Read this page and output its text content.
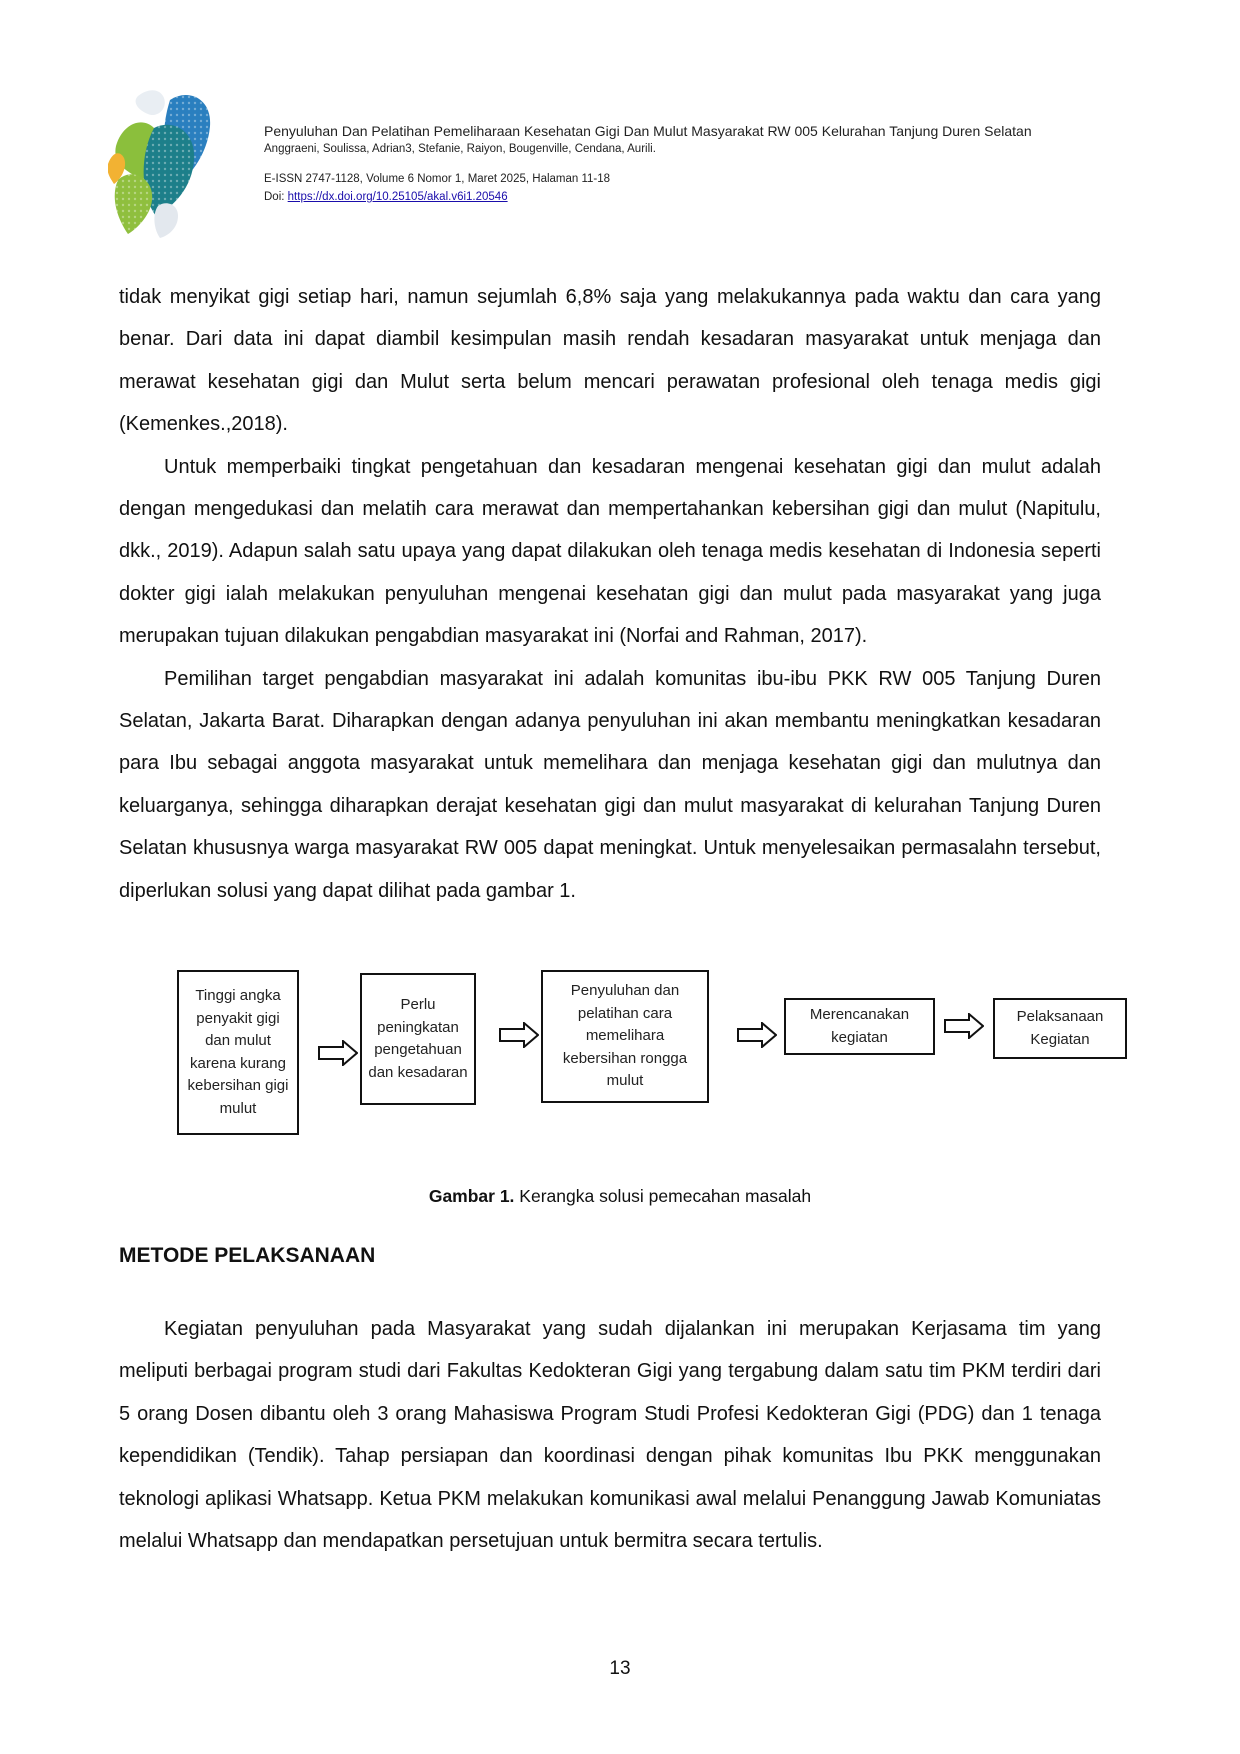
Penyuluhan Dan Pelatihan Pemeliharaan Kesehatan Gigi Dan Mulut Masyarakat RW 005 Kelurahan Tanjung Duren Selatan
Anggraeni, Soulissa, Adrian3, Stefanie, Raiyon, Bougenville, Cendana, Aurili.
E-ISSN 2747-1128, Volume 6 Nomor 1, Maret 2025, Halaman 11-18
Doi: https://dx.doi.org/10.25105/akal.v6i1.20546

tidak menyikat gigi setiap hari, namun sejumlah 6,8% saja yang melakukannya pada waktu dan cara yang benar. Dari data ini dapat diambil kesimpulan masih rendah kesadaran masyarakat untuk menjaga dan merawat kesehatan gigi dan Mulut serta belum mencari perawatan profesional oleh tenaga medis gigi (Kemenkes.,2018).

Untuk memperbaiki tingkat pengetahuan dan kesadaran mengenai kesehatan gigi dan mulut adalah dengan mengedukasi dan melatih cara merawat dan mempertahankan kebersihan gigi dan mulut (Napitulu, dkk., 2019). Adapun salah satu upaya yang dapat dilakukan oleh tenaga medis kesehatan di Indonesia seperti dokter gigi ialah melakukan penyuluhan mengenai kesehatan gigi dan mulut pada masyarakat yang juga merupakan tujuan dilakukan pengabdian masyarakat ini (Norfai and Rahman, 2017).

Pemilihan target pengabdian masyarakat ini adalah komunitas ibu-ibu PKK RW 005 Tanjung Duren Selatan, Jakarta Barat. Diharapkan dengan adanya penyuluhan ini akan membantu meningkatkan kesadaran para Ibu sebagai anggota masyarakat untuk memelihara dan menjaga kesehatan gigi dan mulutnya dan keluarganya, sehingga diharapkan derajat kesehatan gigi dan mulut masyarakat di kelurahan Tanjung Duren Selatan khususnya warga masyarakat RW 005 dapat meningkat. Untuk menyelesaikan permasalahn tersebut, diperlukan solusi yang dapat dilihat pada gambar 1.

Tinggi angka penyakit gigi dan mulut karena kurang kebersihan gigi mulut
Perlu peningkatan pengetahuan dan kesadaran
Penyuluhan dan pelatihan cara memelihara kebersihan rongga mulut
Merencanakan kegiatan
Pelaksanaan Kegiatan
Gambar 1. Kerangka solusi pemecahan masalah
METODE PELAKSANAAN

Kegiatan penyuluhan pada Masyarakat yang sudah dijalankan ini merupakan Kerjasama tim yang meliputi berbagai program studi dari Fakultas Kedokteran Gigi yang tergabung dalam satu tim PKM terdiri dari 5 orang Dosen dibantu oleh 3 orang Mahasiswa Program Studi Profesi Kedokteran Gigi (PDG) dan 1 tenaga kependidikan (Tendik). Tahap persiapan dan koordinasi dengan pihak komunitas Ibu PKK menggunakan teknologi aplikasi Whatsapp. Ketua PKM melakukan komunikasi awal melalui Penanggung Jawab Komuniatas melalui Whatsapp dan mendapatkan persetujuan untuk bermitra secara tertulis.

13
